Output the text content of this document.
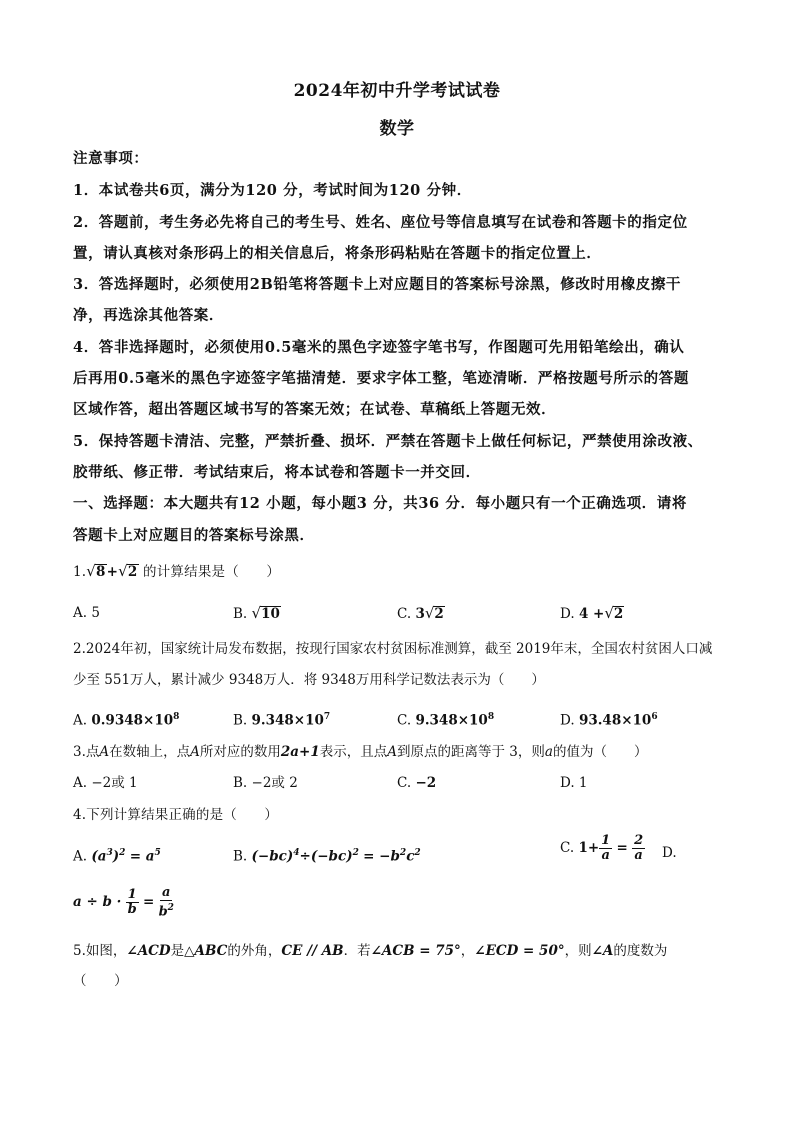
2024年初中升学考试试卷
数学
注意事项：
1．本试卷共6页，满分为120 分，考试时间为120 分钟．
2．答题前，考生务必先将自己的考生号、姓名、座位号等信息填写在试卷和答题卡的指定位
置，请认真核对条形码上的相关信息后，将条形码粘贴在答题卡的指定位置上．
3．答选择题时，必须使用2B铅笔将答题卡上对应题目的答案标号涂黑，修改时用橡皮擦干
净，再选涂其他答案．
4．答非选择题时，必须使用0.5毫米的黑色字迹签字笔书写，作图题可先用铅笔绘出，确认
后再用0.5毫米的黑色字迹签字笔描清楚．要求字体工整，笔迹清晰．严格按题号所示的答题
区域作答，超出答题区域书写的答案无效；在试卷、草稿纸上答题无效．
5．保持答题卡清洁、完整，严禁折叠、损坏．严禁在答题卡上做任何标记，严禁使用涂改液、
胶带纸、修正带．考试结束后，将本试卷和答题卡一并交回．
一、选择题：本大题共有12 小题，每小题3 分，共36 分．每小题只有一个正确选项．请将
答题卡上对应题目的答案标号涂黑．
1.√8+√2 的计算结果是（　　）
A. 5	B. √10	C. 3√2	D. 4 +√2
2.2024年初，国家统计局发布数据，按现行国家农村贫困标准测算，截至 2019年末，全国农村贫困人口减
少至 551万人，累计减少 9348万人．将 9348万用科学记数法表示为（　　）
A. $0.9348\times 10^8$	B. $9.348\times 10^7$	C. $9.348\times 10^8$	D. $93.48\times 10^6$
3.点A在数轴上，点A所对应的数用2a+1表示，且点A到原点的距离等于 3，则a的值为（　　）
A. −2或 1	B. −2或 2	C. −2	D. 1
4.下列计算结果正确的是（　　）
A. $(a^3)^2 = a^5$	B. $(-bc)^4\div(-bc)^2 = -b^2c^2$	C. $1+ \frac{1}{a} = \frac{2}{a} D$.
$a \div b \cdot \frac{1}{b} = \frac{a}{b^2}$
5.如图，∠ACD是△ABC的外角，CE // AB．若∠ACB = 75°，∠ECD = 50°，则∠A的度数为
（　　）
